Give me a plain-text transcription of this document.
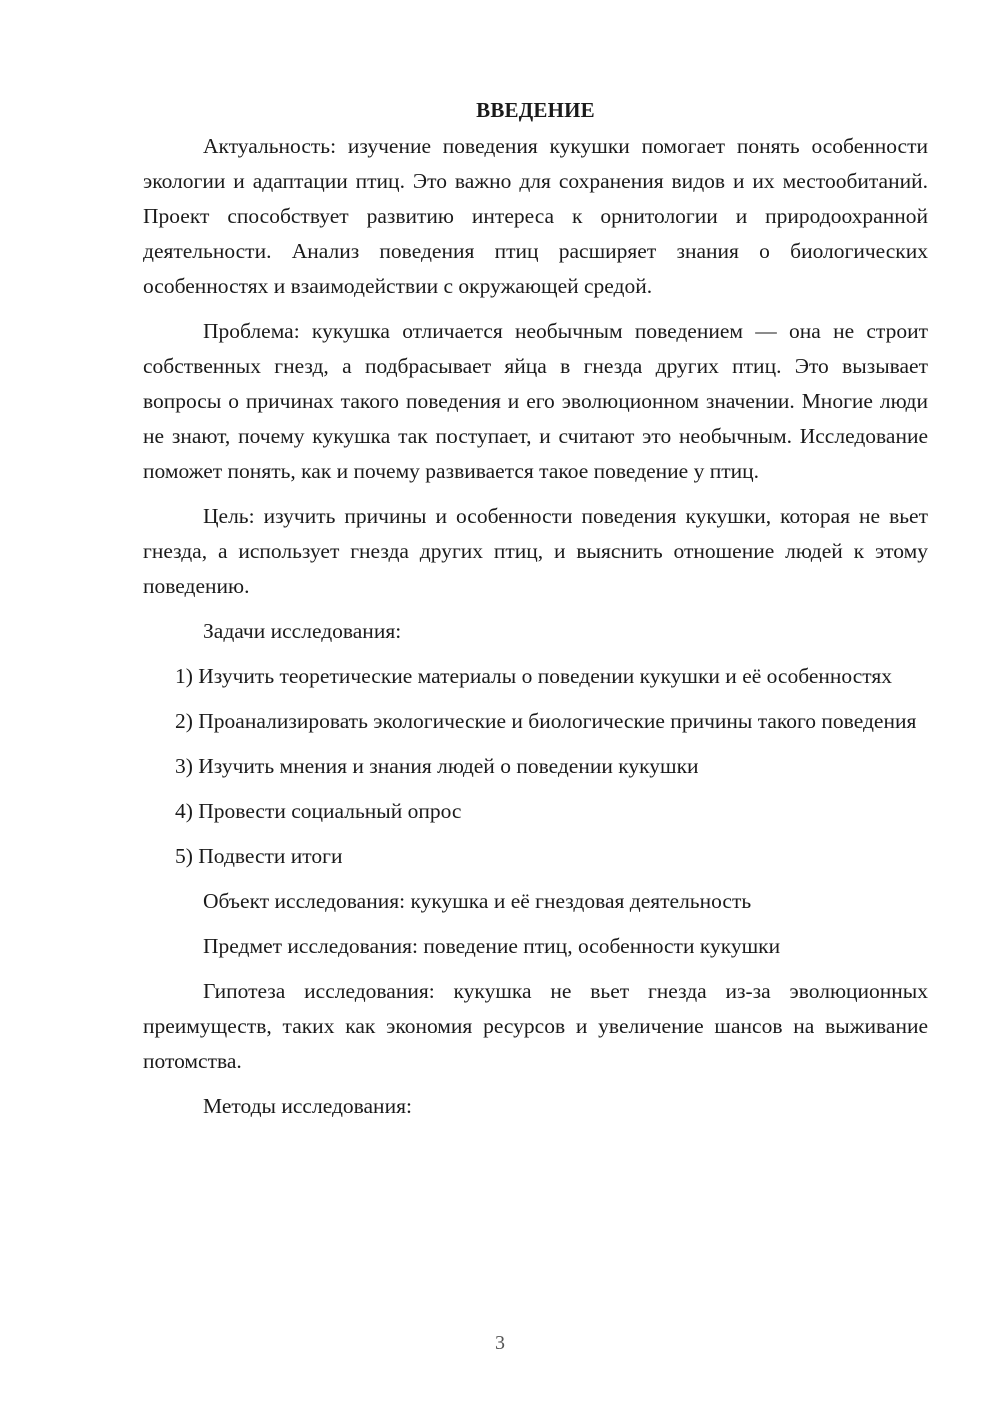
ВВЕДЕНИЕ

Актуальность: изучение поведения кукушки помогает понять особенности экологии и адаптации птиц. Это важно для сохранения видов и их местообитаний. Проект способствует развитию интереса к орнитологии и природоохранной деятельности. Анализ поведения птиц расширяет знания о биологических особенностях и взаимодействии с окружающей средой.

Проблема: кукушка отличается необычным поведением — она не строит собственных гнезд, а подбрасывает яйца в гнезда других птиц. Это вызывает вопросы о причинах такого поведения и его эволюционном значении. Многие люди не знают, почему кукушка так поступает, и считают это необычным. Исследование поможет понять, как и почему развивается такое поведение у птиц.

Цель: изучить причины и особенности поведения кукушки, которая не вьет гнезда, а использует гнезда других птиц, и выяснить отношение людей к этому поведению.

Задачи исследования:

1) Изучить теоретические материалы о поведении кукушки и её особенностях

2) Проанализировать экологические и биологические причины такого поведения

3) Изучить мнения и знания людей о поведении кукушки

4) Провести социальный опрос

5) Подвести итоги

Объект исследования: кукушка и её гнездовая деятельность

Предмет исследования: поведение птиц, особенности кукушки

Гипотеза исследования: кукушка не вьет гнезда из-за эволюционных преимуществ, таких как экономия ресурсов и увеличение шансов на выживание потомства.

Методы исследования:

3
